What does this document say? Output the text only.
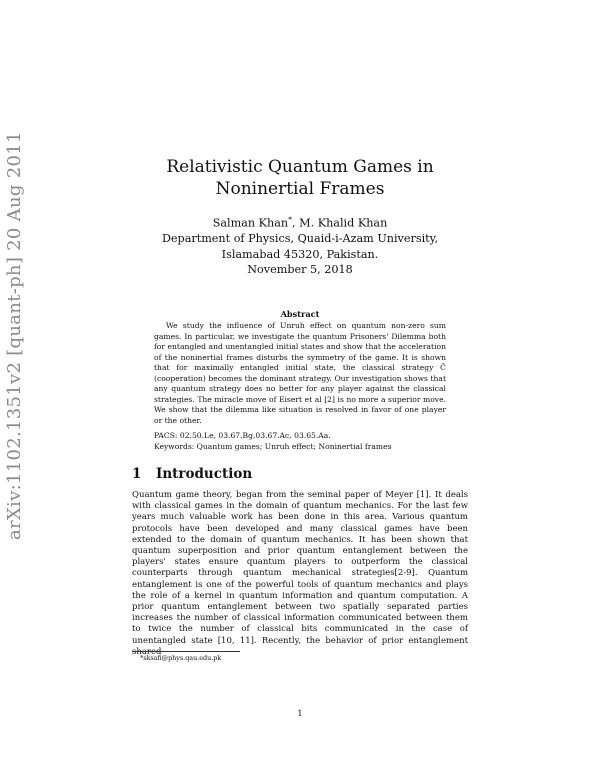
arXiv:1102.1351v2 [quant-ph] 20 Aug 2011	Relativistic Quantum Games in Noninertial Frames
Salman Khan*, M. Khalid Khan
Department of Physics, Quaid-i-Azam University,
Islamabad 45320, Pakistan.
November 5, 2018
Abstract

We study the influence of Unruh effect on quantum non-zero sum games. In particular, we investigate the quantum Prisoners' Dilemma both for entangled and unentangled initial states and show that the acceleration of the noninertial frames disturbs the symmetry of the game. It is shown that for maximally entangled initial state, the classical strategy Ĉ (cooperation) becomes the dominant strategy. Our investigation shows that any quantum strategy does no better for any player against the classical strategies. The miracle move of Eisert et al [2] is no more a superior move. We show that the dilemma like situation is resolved in favor of one player or the other.

PACS: 02.50.Le, 03.67.Bg,03.67.Ac, 03.65.Aa.
Keywords: Quantum games; Unruh effect; Noninertial frames
1 Introduction

Quantum game theory, began from the seminal paper of Meyer [1]. It deals with classical games in the domain of quantum mechanics. For the last few years much valuable work has been done in this area. Various quantum protocols have been developed and many classical games have been extended to the domain of quantum mechanics. It has been shown that quantum superposition and prior quantum entanglement between the players' states ensure quantum players to outperform the classical counterparts through quantum mechanical strategies[2-9]. Quantum entanglement is one of the powerful tools of quantum mechanics and plays the role of a kernel in quantum information and quantum computation. A prior quantum entanglement between two spatially separated parties increases the number of classical information communicated between them to twice the number of classical bits communicated in the case of unentangled state [10, 11]. Recently, the behavior of prior entanglement shared

*sksafi@phys.qau.edu.pk
1
